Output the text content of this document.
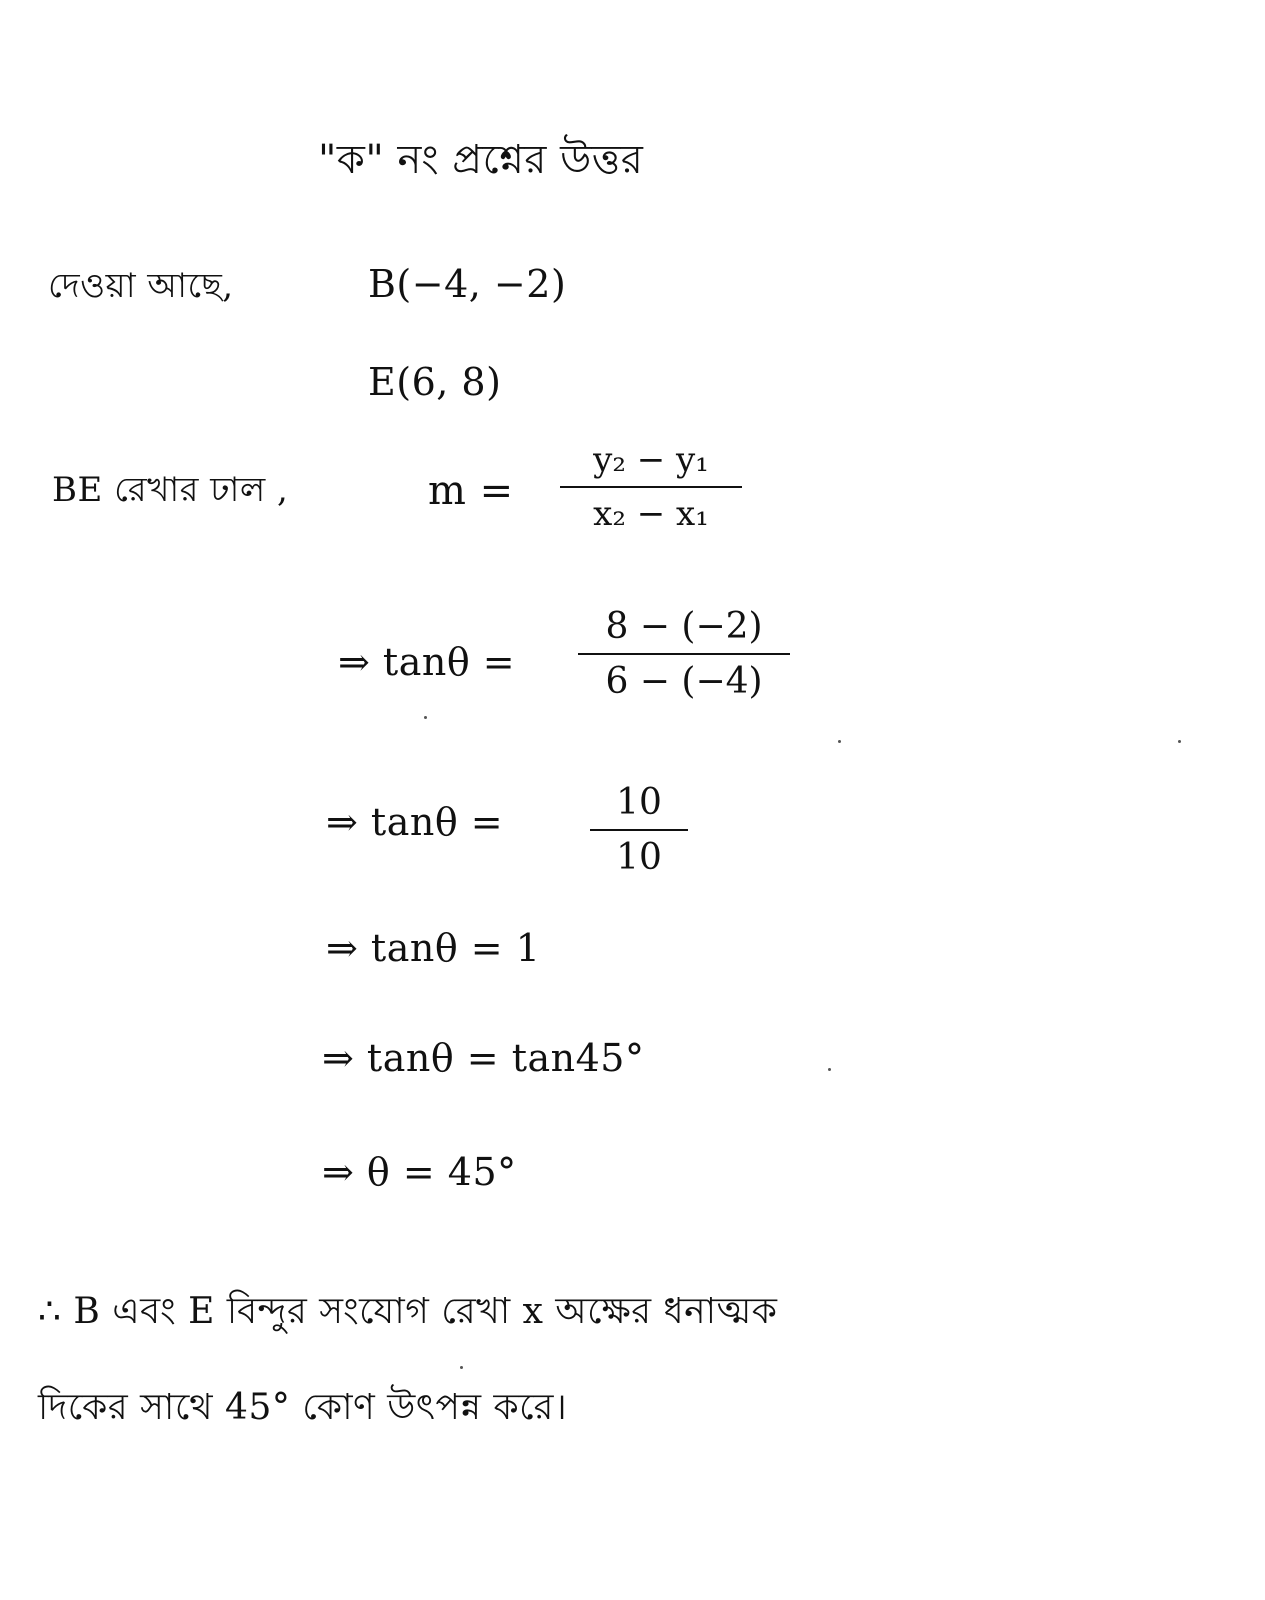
"ক" নং প্রশ্নের উত্তর
দেওয়া আছে,	B(−4, −2)
E(6, 8)
BE রেখার ঢাল ,	m =
y₂ − y₁
x₂ − x₁
⇒ tanθ =
8 − (−2)
6 − (−4)
⇒ tanθ =	10
10
⇒ tanθ = 1
⇒ tanθ = tan45°
⇒ θ = 45°
∴ B এবং E বিন্দুর সংযোগ রেখা x অক্ষের ধনাত্মক
দিকের সাথে 45° কোণ উৎপন্ন করে।
